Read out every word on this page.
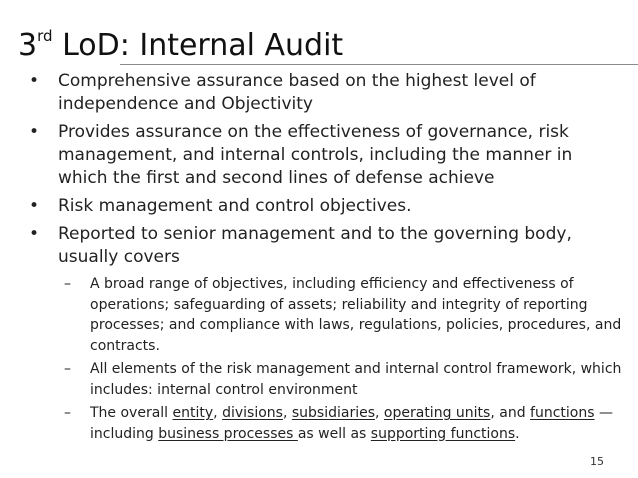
3rd LoD: Internal Audit
• Comprehensive assurance based on the highest level of independence and Objectivity
• Provides assurance on the effectiveness of governance, risk management, and internal controls, including the manner in which the first and second lines of defense achieve
• Risk management and control objectives.
• Reported to senior management and to the governing body, usually covers
– A broad range of objectives, including efficiency and effectiveness of operations; safeguarding of assets; reliability and integrity of reporting processes; and compliance with laws, regulations, policies, procedures, and contracts.
– All elements of the risk management and internal control framework, which includes: internal control environment
– The overall entity, divisions, subsidiaries, operating units, and functions — including business processes as well as supporting functions.
15
